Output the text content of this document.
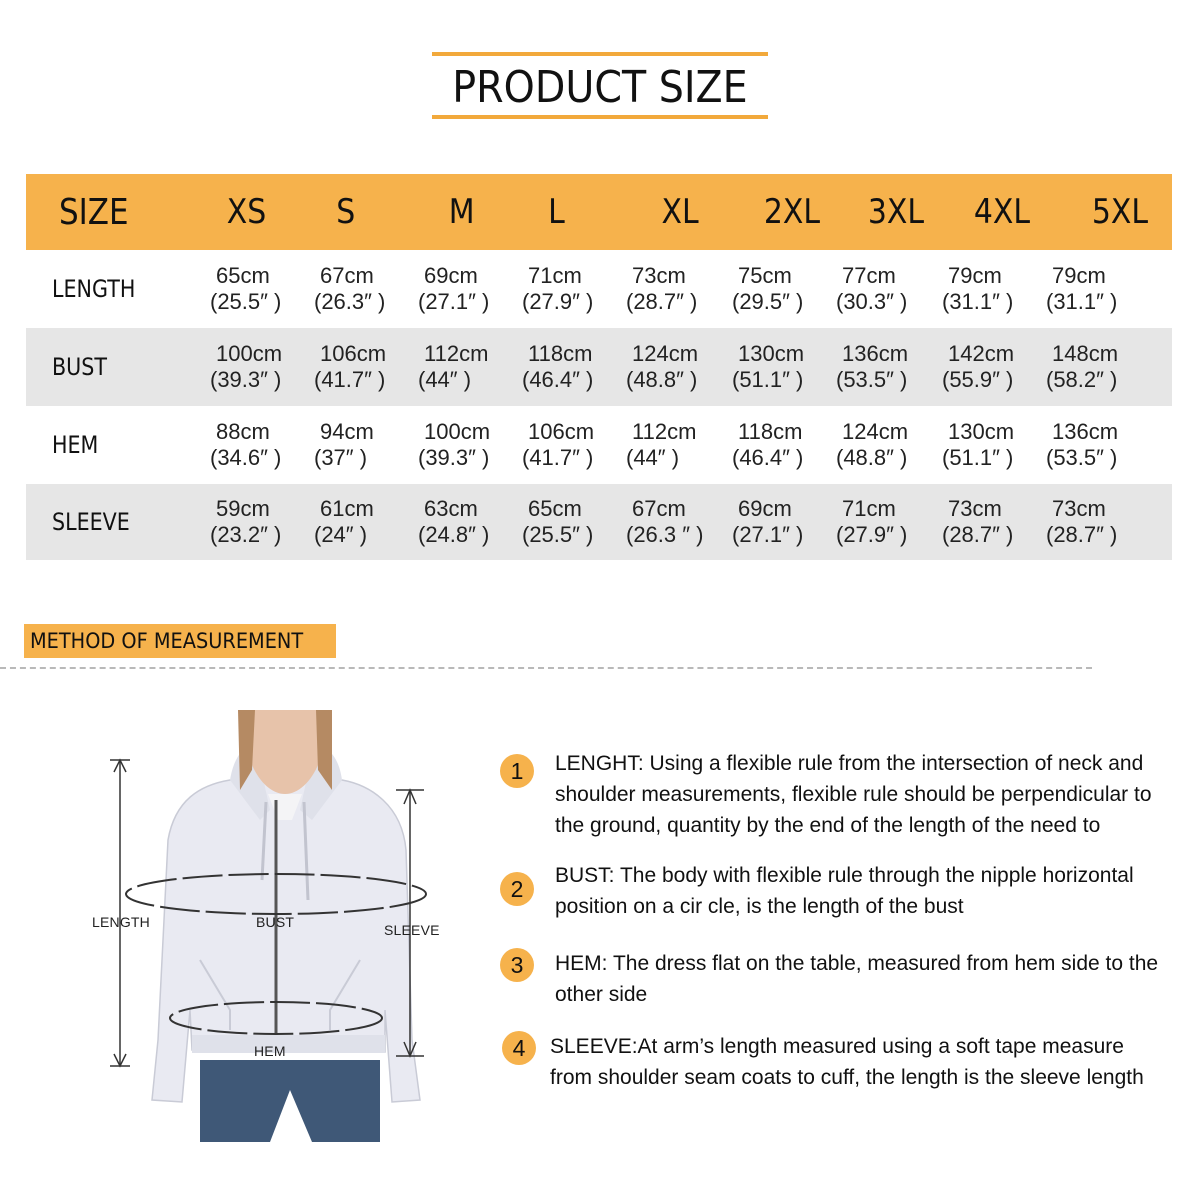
PRODUCT SIZE
SIZE	XS S	M L	XL 2XL 3XL 4XL 5XL
LENGTH	65cm
(25.5″ )
67cm
(26.3″ )
69cm
(27.1″ )
71cm
(27.9″ )
73cm
(28.7″ )
75cm
(29.5″ )
77cm
(30.3″ )
79cm
(31.1″ )
79cm
(31.1″ )
BUST	100cm
(39.3″ )
106cm
(41.7″ )
112cm
(44″ )
118cm
(46.4″ )
124cm
(48.8″ )
130cm
(51.1″ )
136cm
(53.5″ )
142cm
(55.9″ )
148cm
(58.2″ )
HEM	88cm
(34.6″ )
94cm
(37″ )
100cm
(39.3″ )
106cm
(41.7″ )
112cm
(44″ )
118cm
(46.4″ )
124cm
(48.8″ )
130cm
(51.1″ )
136cm
(53.5″ )
SLEEVE	59cm
(23.2″ )
61cm
(24″ )
63cm
(24.8″ )
65cm
(25.5″ )
67cm
(26.3 ″ )
69cm
(27.1″ )
71cm
(27.9″ )
73cm
(28.7″ )
73cm
(28.7″ )
METHOD OF MEASUREMENT
LENGTH	BUST	SLEEVE
HEM
1	LENGHT: Using a flexible rule from the intersection of neck and shoulder measurements, flexible rule should be perpendicular to the ground, quantity by the end of the length of the need to
2	BUST: The body with flexible rule through the nipple horizontal position on a cir cle, is the length of the bust
3	HEM: The dress flat on the table, measured from hem side to the other side
4	SLEEVE:At arm’s length measured using a soft tape measure from shoulder seam coats to cuff, the length is the sleeve length
